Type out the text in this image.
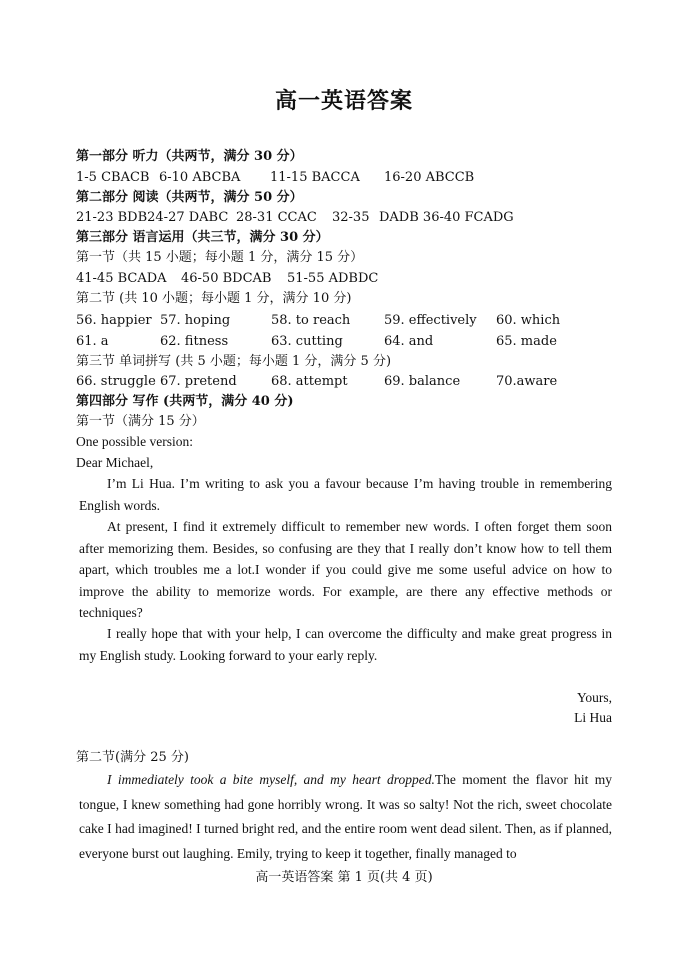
高一英语答案
第一部分 听力（共两节，满分 30 分）
1-5 CBACB 6-10 ABCBA 11-15 BACCA 16-20 ABCCB
第二部分 阅读（共两节，满分 50 分）
21-23 BDB24-27 DABC 28-31 CCAC 32-35 DADB 36-40 FCADG
第三部分 语言运用（共三节，满分 30 分）
第一节（共 15 小题；每小题 1 分，满分 15 分）
41-45 BCADA 46-50 BDCAB 51-55 ADBDC
第二节 (共 10 小题；每小题 1 分，满分 10 分)
56. happier 57. hoping	58. to reach	59. effectively 60. which
61. a	62. fitness	63. cutting	64. and	65. made
第三节 单词拼写 (共 5 小题；每小题 1 分，满分 5 分)
66. struggle 67. pretend	68. attempt	69. balance	70.aware
第四部分 写作 (共两节，满分 40 分)
第一节（满分 15 分）
One possible version:
Dear Michael,
I’m Li Hua. I’m writing to ask you a favour because I’m having trouble in remembering English words.
At present, I find it extremely difficult to remember new words. I often forget them soon after memorizing them. Besides, so confusing are they that I really don’t know how to tell them apart, which troubles me a lot.I wonder if you could give me some useful advice on how to improve the ability to memorize words. For example, are there any effective methods or techniques?
I really hope that with your help, I can overcome the difficulty and make great progress in my English study. Looking forward to your early reply.
Yours,
Li Hua
第二节(满分 25 分)
I immediately took a bite myself, and my heart dropped.The moment the flavor hit my tongue, I knew something had gone horribly wrong. It was so salty! Not the rich, sweet chocolate cake I had imagined! I turned bright red, and the entire room went dead silent. Then, as if planned, everyone burst out laughing. Emily, trying to keep it together, finally managed to
高一英语答案 第 1 页(共 4 页)
